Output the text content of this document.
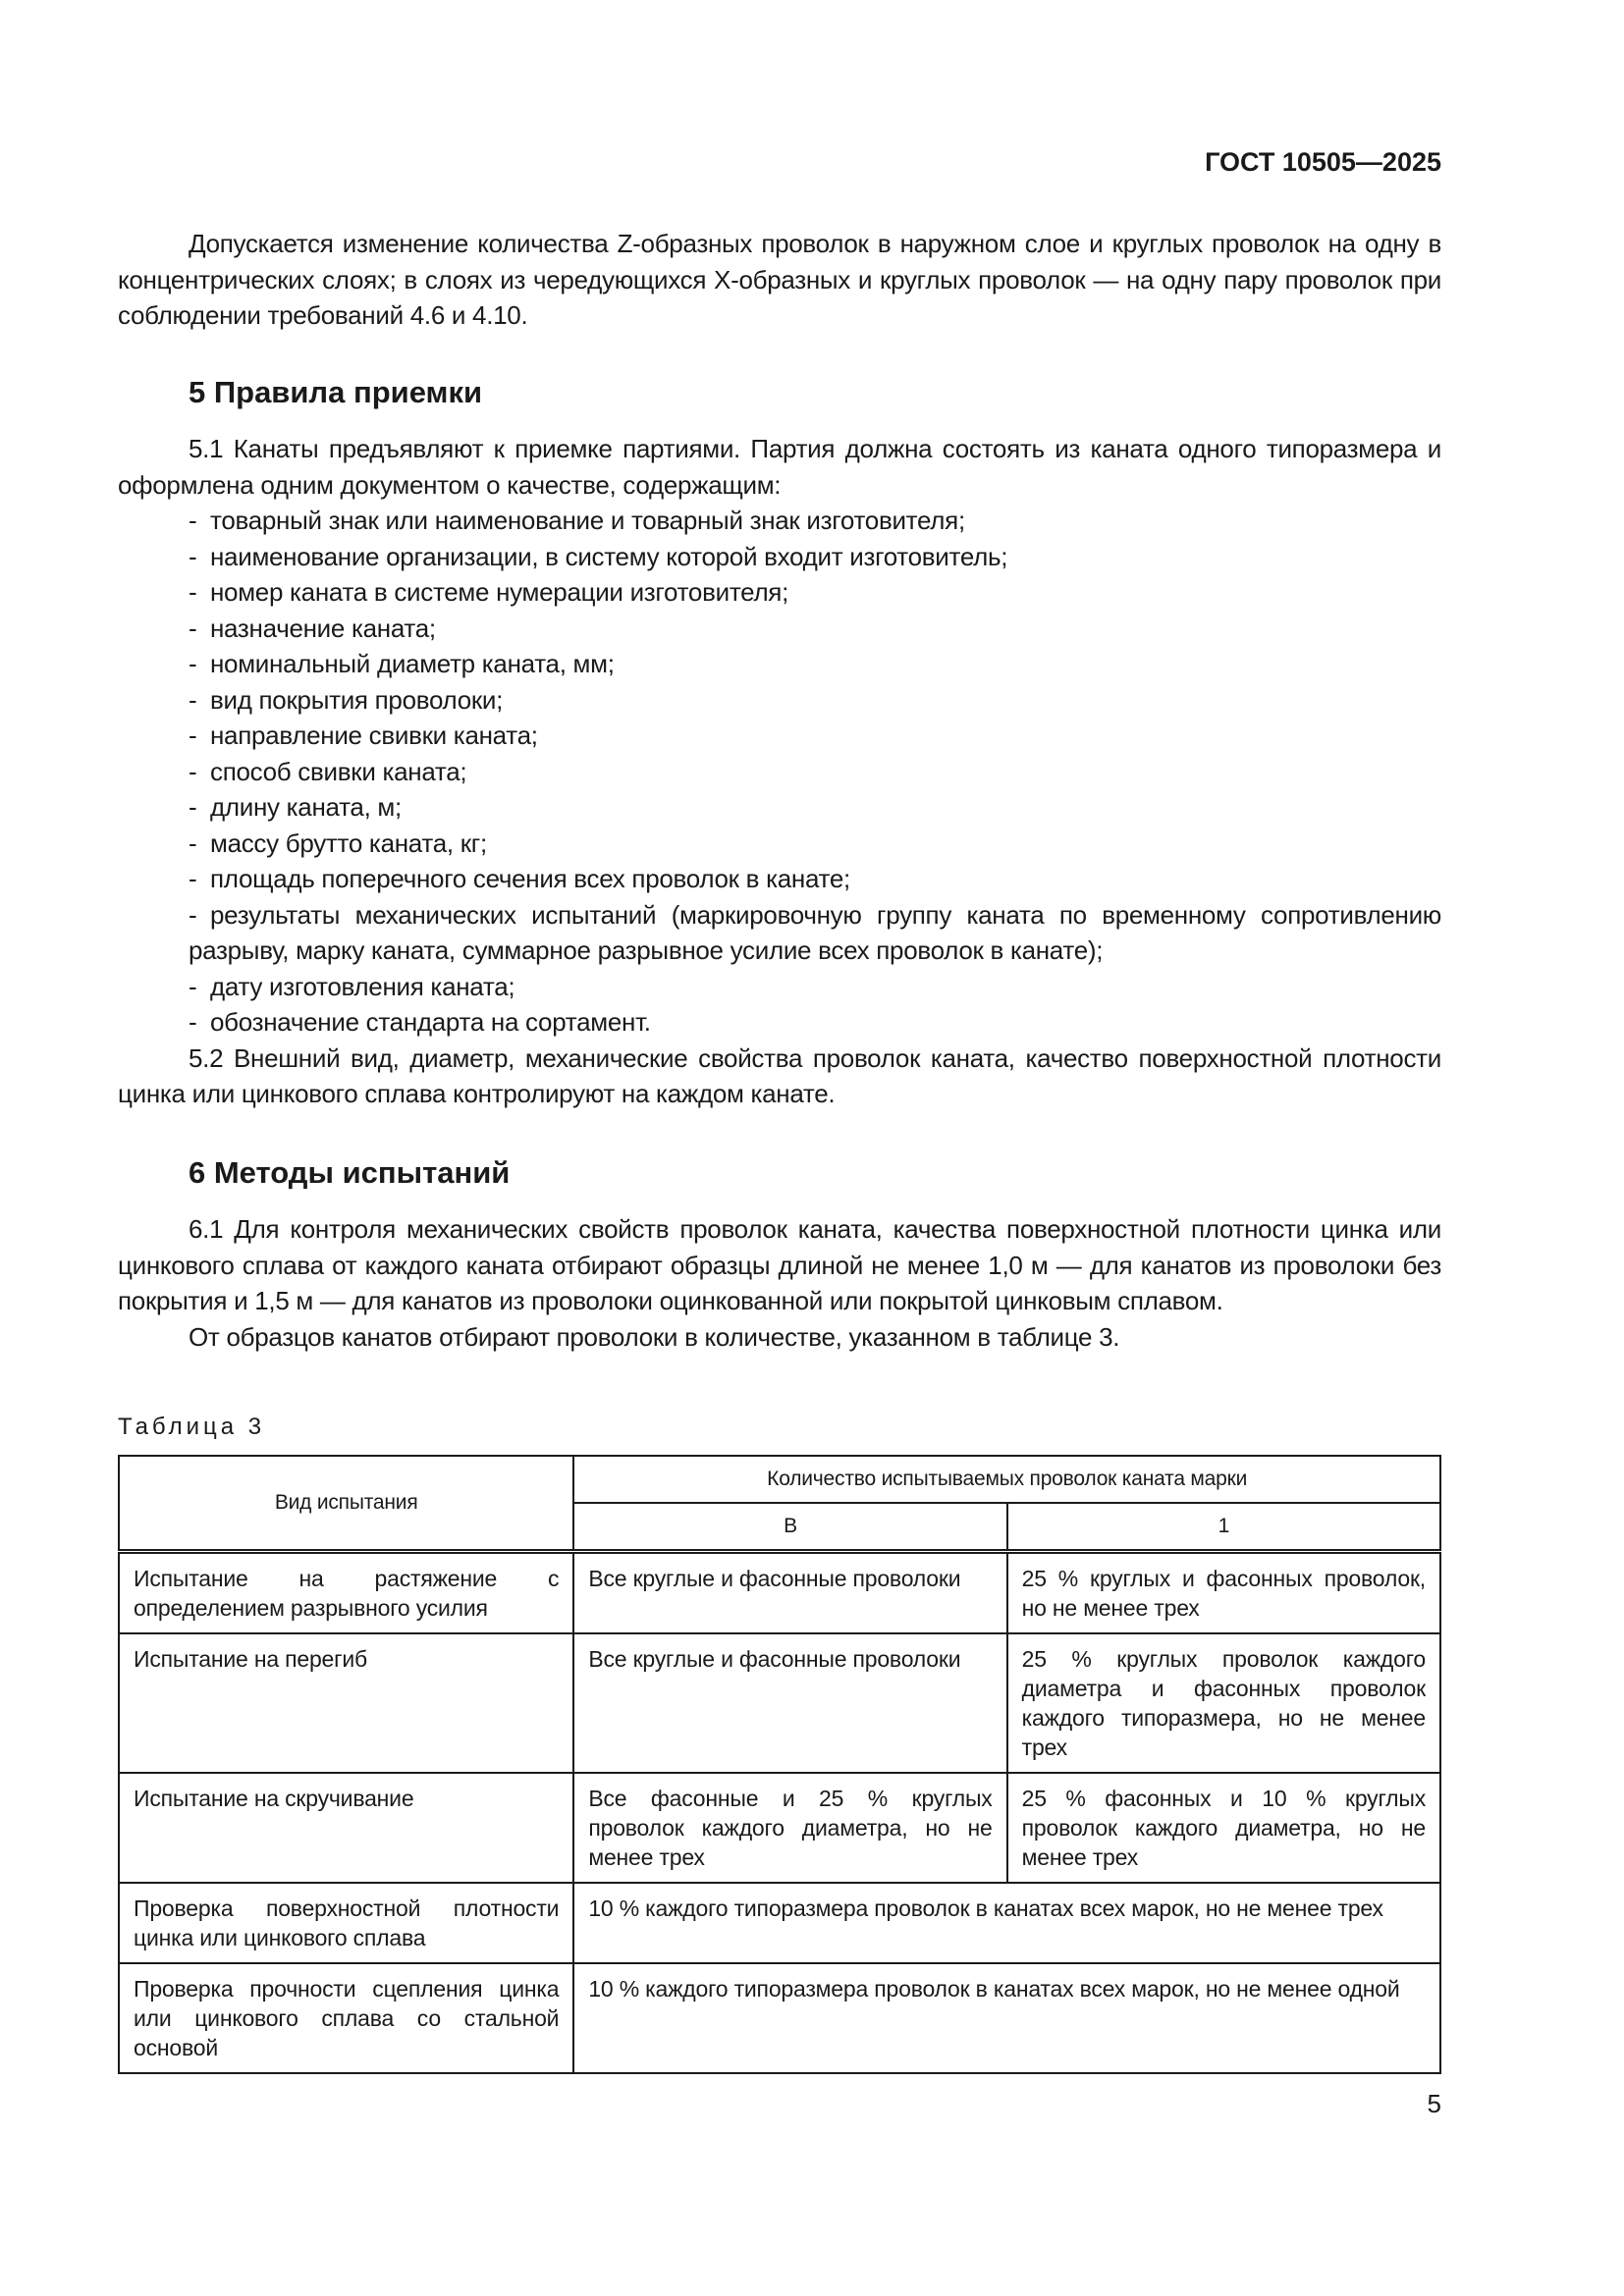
ГОСТ 10505—2025

Допускается изменение количества Z-образных проволок в наружном слое и круглых проволок на одну в концентрических слоях; в слоях из чередующихся Х-образных и круглых проволок — на одну пару проволок при соблюдении требований 4.6 и 4.10.

5 Правила приемки

5.1 Канаты предъявляют к приемке партиями. Партия должна состоять из каната одного типоразмера и оформлена одним документом о качестве, содержащим:

- товарный знак или наименование и товарный знак изготовителя;
- наименование организации, в систему которой входит изготовитель;
- номер каната в системе нумерации изготовителя;
- назначение каната;
- номинальный диаметр каната, мм;
- вид покрытия проволоки;
- направление свивки каната;
- способ свивки каната;
- длину каната, м;
- массу брутто каната, кг;
- площадь поперечного сечения всех проволок в канате;
- результаты механических испытаний (маркировочную группу каната по временному сопротивлению разрыву, марку каната, суммарное разрывное усилие всех проволок в канате);
- дату изготовления каната;
- обозначение стандарта на сортамент.

5.2 Внешний вид, диаметр, механические свойства проволок каната, качество поверхностной плотности цинка или цинкового сплава контролируют на каждом канате.

6 Методы испытаний

6.1 Для контроля механических свойств проволок каната, качества поверхностной плотности цинка или цинкового сплава от каждого каната отбирают образцы длиной не менее 1,0 м — для канатов из проволоки без покрытия и 1,5 м — для канатов из проволоки оцинкованной или покрытой цинковым сплавом.

От образцов канатов отбирают проволоки в количестве, указанном в таблице 3.

Таблица 3
Вид испытания	Количество испытываемых проволок каната марки	
	В	1
Испытание на растяжение с определением разрывного усилия	Все круглые и фасонные проволоки	25 % круглых и фасонных проволок, но не менее трех
Испытание на перегиб	Все круглые и фасонные проволоки	25 % круглых проволок каждого диаметра и фасонных проволок каждого типоразмера, но не менее трех
Испытание на скручивание	Все фасонные и 25 % круглых проволок каждого диаметра, но не менее трех	25 % фасонных и 10 % круглых проволок каждого диаметра, но не менее трех
Проверка поверхностной плотности цинка или цинкового сплава	10 % каждого типоразмера проволок в канатах всех марок, но не менее трех	
Проверка прочности сцепления цинка или цинкового сплава со стальной основой	10 % каждого типоразмера проволок в канатах всех марок, но не менее одной	
5
